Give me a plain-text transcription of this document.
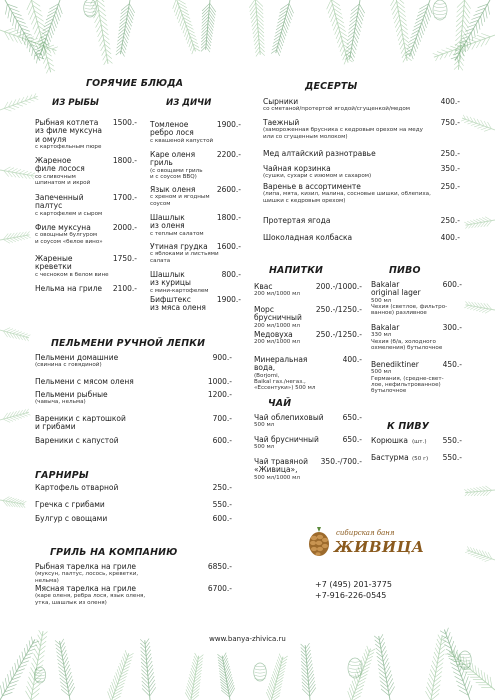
ГОРЯЧИЕ БЛЮДА
ИЗ РЫБЫ	ИЗ ДИЧИ
Рыбная котлета
из филе муксуна
и омуля
с картофельным пюре
1500.-
Жареное
филе лосося
со сливочным
шпинатом и икрой
1800.-
Запеченный
палтус
с картофелем и сыром
1700.-
Филе муксуна
с овощным булгуром
и соусом «белое вино»
2000.-
Жареные
креветки
с чесноком в белом вине
1750.-
Нельма на гриле 2100.-
Томленое
ребро лося
с квашеной капустой
1900.-
Каре оленя
гриль
(с овощами гриль
и с соусом BBQ)
2200.-
Язык оленя
с хреном и ягодным
соусом
2600.-
Шашлык
из оленя
с теплым салатом
1800.-
Утиная грудка
с яблоками и листьями
салата
1600.-
Шашлык
из курицы
с мини-картофелем
800.-
Бифштекс
из мяса оленя
1900.-
ПЕЛЬМЕНИ РУЧНОЙ ЛЕПКИ
Пельмени домашние
(свинина с говядиной)
900.-
Пельмени с мясом оленя	1000.-
Пельмени рыбные
(чавыча, нельма)
1200.-
Вареники с картошкой
и грибами
700.-
Вареники с капустой	600.-
ГАРНИРЫ
Картофель отварной	250.-
Гречка с грибами	550.-
Булгур с овощами	600.-
ГРИЛЬ НА КОМПАНИЮ
Рыбная тарелка на гриле
(муксун, палтус, лосось, креветки,
нельма)
6850.-
Мясная тарелка на гриле
(каре оленя, ребра лося, язык оленя,
утка, шашлык из оленя)
6700.-
ДЕСЕРТЫ
Сырники
со сметаной/протертой ягодой/сгущенкой/медом
400.-
Таежный
(замороженная брусника с кедровым орехом на меду
или со сгущенным молоком)
750.-
Мед алтайский разнотравье	250.-
Чайная корзинка
(сушки, сухари с изюмом и сахаром)
350.-
Варенье в ассортименте
(липа, мята, кизил, малина, сосновые шишки, облепиха,
шишки с кедровым орехом)
250.-
Протертая ягода	250.-
Шоколадная колбаска	400.-
НАПИТКИ
Квас
200 мл/1000 мл
200.-/1000.-
Морс
брусничный
200 мл/1000 мл
250.-/1250.-
Медовуха
200 мл/1000 мл
250.-/1250.-
Минеральная
вода,
(Borjomi,
Baikal газ./негаз.,
«Ессентуки») 500 мл
400.-
ЧАЙ
Чай облепиховый
500 мл
650.-
Чай брусничный
500 мл
650.-
Чай травяной
«Живица»,
500 мл/1000 мл
350.-/700.-
ПИВО
Bakalar
original lager
500 мл
Чехия (светлое, фильтро-
ванное) разливное
600.-
Bakalar
330 мл
Чехия (б/а, холодного
охмеления) бутылочное
300.-
Benediktiner
500 мл
Германия, (средне-свет-
лое, нефильтрованное)
бутылочное
450.-
К ПИВУ
Корюшка (шт.) 550.-
Бастурма (50 г) 550.-
сибирская баня
ЖИВИЦА
+7 (495) 201-3775
+7-916-226-0545
www.banya-zhivica.ru
